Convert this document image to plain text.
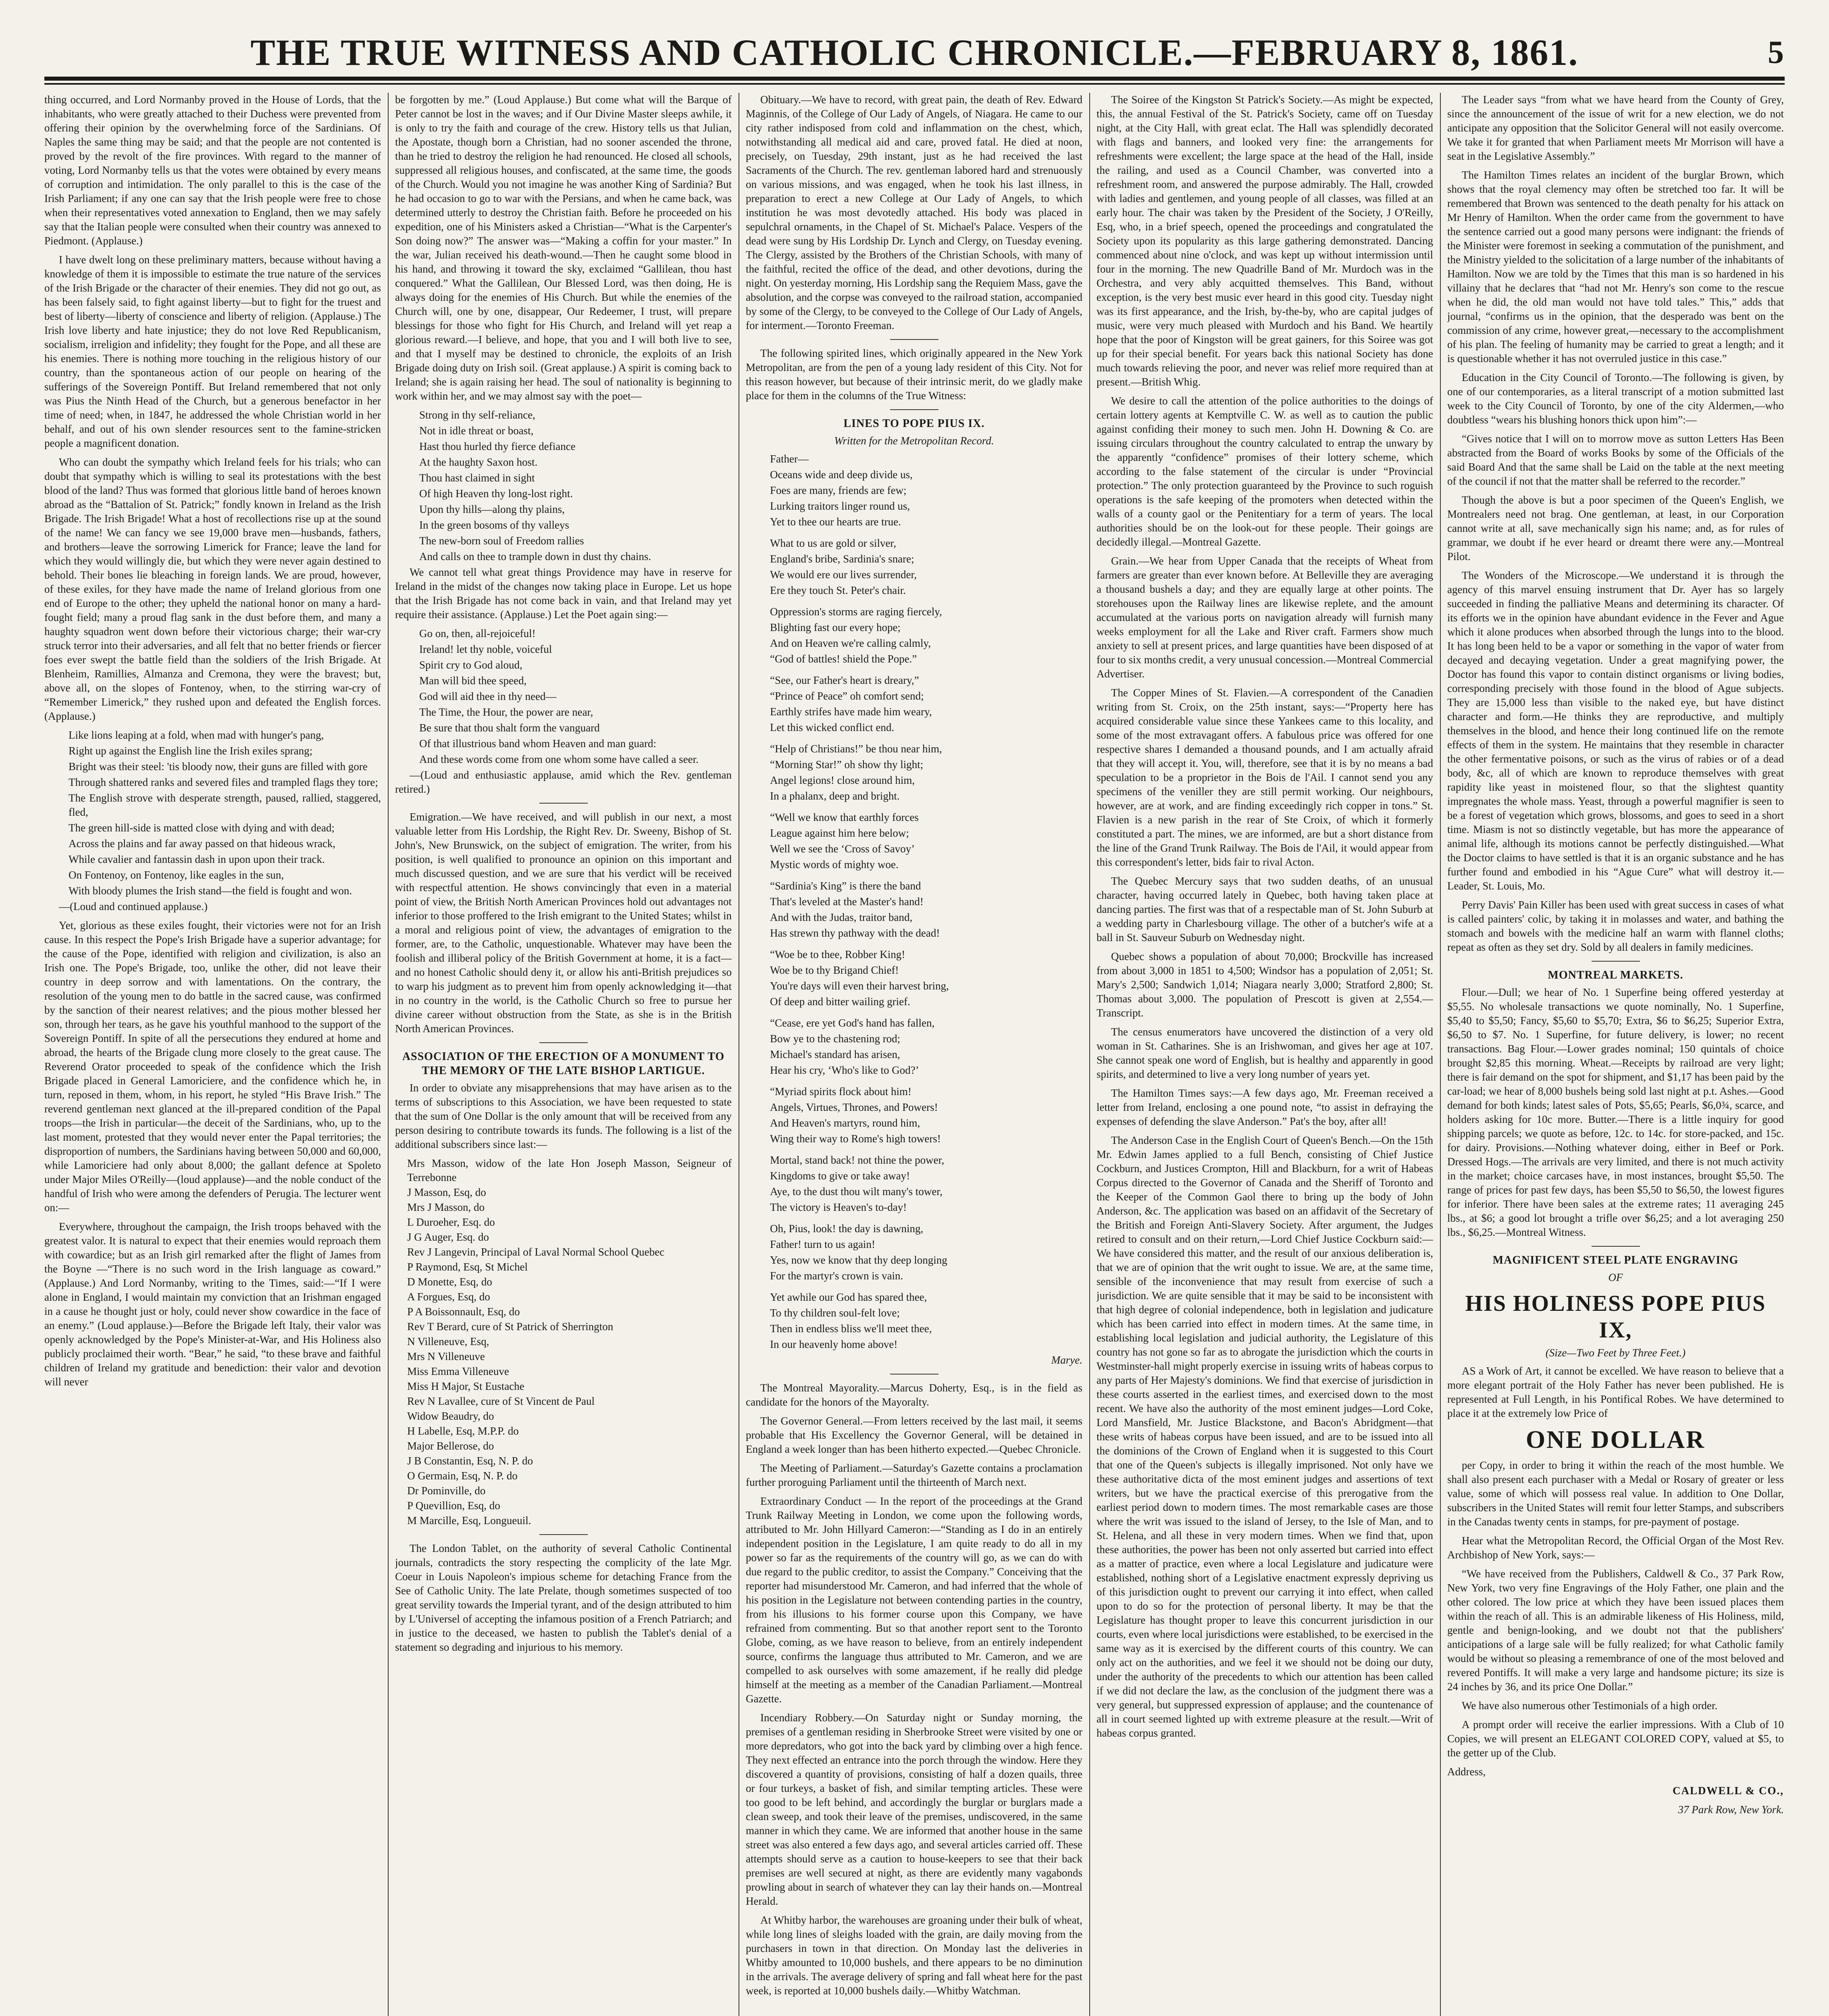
THE TRUE WITNESS AND CATHOLIC CHRONICLE.—FEBRUARY 8, 1861.	5

thing occurred, and Lord Normanby proved in the House of Lords, that the inhabitants, who were greatly attached to their Duchess were prevented from offering their opinion by the overwhelming force of the Sardinians. Of Naples the same thing may be said; and that the people are not contented is proved by the revolt of the fire provinces. With regard to the manner of voting, Lord Normanby tells us that the votes were obtained by every means of corruption and intimidation. The only parallel to this is the case of the Irish Parliament; if any one can say that the Irish people were free to chose when their representatives voted annexation to England, then we may safely say that the Italian people were consulted when their country was annexed to Piedmont. (Applause.)

I have dwelt long on these preliminary matters, because without having a knowledge of them it is impossible to estimate the true nature of the services of the Irish Brigade or the character of their enemies. They did not go out, as has been falsely said, to fight against liberty—but to fight for the truest and best of liberty—liberty of conscience and liberty of religion. (Applause.) The Irish love liberty and hate injustice; they do not love Red Republicanism, socialism, irreligion and infidelity; they fought for the Pope, and all these are his enemies. There is nothing more touching in the religious history of our country, than the spontaneous action of our people on hearing of the sufferings of the Sovereign Pontiff. But Ireland remembered that not only was Pius the Ninth Head of the Church, but a generous benefactor in her time of need; when, in 1847, he addressed the whole Christian world in her behalf, and out of his own slender resources sent to the famine-stricken people a magnificent donation.

Who can doubt the sympathy which Ireland feels for his trials; who can doubt that sympathy which is willing to seal its protestations with the best blood of the land? Thus was formed that glorious little band of heroes known abroad as the “Battalion of St. Patrick;” fondly known in Ireland as the Irish Brigade. The Irish Brigade! What a host of recollections rise up at the sound of the name! We can fancy we see 19,000 brave men—husbands, fathers, and brothers—leave the sorrowing Limerick for France; leave the land for which they would willingly die, but which they were never again destined to behold. Their bones lie bleaching in foreign lands. We are proud, however, of these exiles, for they have made the name of Ireland glorious from one end of Europe to the other; they upheld the national honor on many a hard-fought field; many a proud flag sank in the dust before them, and many a haughty squadron went down before their victorious charge; their war-cry struck terror into their adversaries, and all felt that no better friends or fiercer foes ever swept the battle field than the soldiers of the Irish Brigade. At Blenheim, Ramillies, Almanza and Cremona, they were the bravest; but, above all, on the slopes of Fontenoy, when, to the stirring war-cry of “Remember Limerick,” they rushed upon and defeated the English forces. (Applause.)

Like lions leaping at a fold, when mad with hunger's pang,

Right up against the English line the Irish exiles sprang;

Bright was their steel: 'tis bloody now, their guns are filled with gore

Through shattered ranks and severed files and trampled flags they tore;

The English strove with desperate strength, paused, rallied, staggered, fled,

The green hill-side is matted close with dying and with dead;

Across the plains and far away passed on that hideous wrack,

While cavalier and fantassin dash in upon upon their track.

On Fontenoy, on Fontenoy, like eagles in the sun,

With bloody plumes the Irish stand—the field is fought and won.

—(Loud and continued applause.)

Yet, glorious as these exiles fought, their victories were not for an Irish cause. In this respect the Pope's Irish Brigade have a superior advantage; for the cause of the Pope, identified with religion and civilization, is also an Irish one. The Pope's Brigade, too, unlike the other, did not leave their country in deep sorrow and with lamentations. On the contrary, the resolution of the young men to do battle in the sacred cause, was confirmed by the sanction of their nearest relatives; and the pious mother blessed her son, through her tears, as he gave his youthful manhood to the support of the Sovereign Pontiff. In spite of all the persecutions they endured at home and abroad, the hearts of the Brigade clung more closely to the great cause. The Reverend Orator proceeded to speak of the confidence which the Irish Brigade placed in General Lamoriciere, and the confidence which he, in turn, reposed in them, whom, in his report, he styled “His Brave Irish.” The reverend gentleman next glanced at the ill-prepared condition of the Papal troops—the Irish in particular—the deceit of the Sardinians, who, up to the last moment, protested that they would never enter the Papal territories; the disproportion of numbers, the Sardinians having between 50,000 and 60,000, while Lamoriciere had only about 8,000; the gallant defence at Spoleto under Major Miles O'Reilly—(loud applause)—and the noble conduct of the handful of Irish who were among the defenders of Perugia. The lecturer went on:—

Everywhere, throughout the campaign, the Irish troops behaved with the greatest valor. It is natural to expect that their enemies would reproach them with cowardice; but as an Irish girl remarked after the flight of James from the Boyne —“There is no such word in the Irish language as coward.” (Applause.) And Lord Normanby, writing to the Times, said:—“If I were alone in England, I would maintain my conviction that an Irishman engaged in a cause he thought just or holy, could never show cowardice in the face of an enemy.” (Loud applause.)—Before the Brigade left Italy, their valor was openly acknowledged by the Pope's Minister-at-War, and His Holiness also publicly proclaimed their worth. “Bear,” he said, “to these brave and faithful children of Ireland my gratitude and benediction: their valor and devotion will never

be forgotten by me.” (Loud Applause.) But come what will the Barque of Peter cannot be lost in the waves; and if Our Divine Master sleeps awhile, it is only to try the faith and courage of the crew. History tells us that Julian, the Apostate, though born a Christian, had no sooner ascended the throne, than he tried to destroy the religion he had renounced. He closed all schools, suppressed all religious houses, and confiscated, at the same time, the goods of the Church. Would you not imagine he was another King of Sardinia? But he had occasion to go to war with the Persians, and when he came back, was determined utterly to destroy the Christian faith. Before he proceeded on his expedition, one of his Ministers asked a Christian—“What is the Carpenter's Son doing now?” The answer was—“Making a coffin for your master.” In the war, Julian received his death-wound.—Then he caught some blood in his hand, and throwing it toward the sky, exclaimed “Gallilean, thou hast conquered.” What the Gallilean, Our Blessed Lord, was then doing, He is always doing for the enemies of His Church. But while the enemies of the Church will, one by one, disappear, Our Redeemer, I trust, will prepare blessings for those who fight for His Church, and Ireland will yet reap a glorious reward.—I believe, and hope, that you and I will both live to see, and that I myself may be destined to chronicle, the exploits of an Irish Brigade doing duty on Irish soil. (Great applause.) A spirit is coming back to Ireland; she is again raising her head. The soul of nationality is beginning to work within her, and we may almost say with the poet—

Strong in thy self-reliance,

Not in idle threat or boast,

Hast thou hurled thy fierce defiance

At the haughty Saxon host.

Thou hast claimed in sight

Of high Heaven thy long-lost right.

Upon thy hills—along thy plains,

In the green bosoms of thy valleys

The new-born soul of Freedom rallies

And calls on thee to trample down in dust thy chains.

We cannot tell what great things Providence may have in reserve for Ireland in the midst of the changes now taking place in Europe. Let us hope that the Irish Brigade has not come back in vain, and that Ireland may yet require their assistance. (Applause.) Let the Poet again sing:—

Go on, then, all-rejoiceful!

Ireland! let thy noble, voiceful

Spirit cry to God aloud,

Man will bid thee speed,

God will aid thee in thy need—

The Time, the Hour, the power are near,

Be sure that thou shalt form the vanguard

Of that illustrious band whom Heaven and man guard:

And these words come from one whom some have called a seer.

—(Loud and enthusiastic applause, amid which the Rev. gentleman retired.)

Emigration.—We have received, and will publish in our next, a most valuable letter from His Lordship, the Right Rev. Dr. Sweeny, Bishop of St. John's, New Brunswick, on the subject of emigration. The writer, from his position, is well qualified to pronounce an opinion on this important and much discussed question, and we are sure that his verdict will be received with respectful attention. He shows convincingly that even in a material point of view, the British North American Provinces hold out advantages not inferior to those proffered to the Irish emigrant to the United States; whilst in a moral and religious point of view, the advantages of emigration to the former, are, to the Catholic, unquestionable. Whatever may have been the foolish and illiberal policy of the British Government at home, it is a fact—and no honest Catholic should deny it, or allow his anti-British prejudices so to warp his judgment as to prevent him from openly acknowledging it—that in no country in the world, is the Catholic Church so free to pursue her divine career without obstruction from the State, as she is in the British North American Provinces.

ASSOCIATION OF THE ERECTION OF A MONUMENT TO THE MEMORY OF THE LATE BISHOP LARTIGUE.

In order to obviate any misapprehensions that may have arisen as to the terms of subscriptions to this Association, we have been requested to state that the sum of One Dollar is the only amount that will be received from any person desiring to contribute towards its funds. The following is a list of the additional subscribers since last:—

Mrs Masson, widow of the late Hon Joseph Masson, Seigneur of Terrebonne

J Masson, Esq, do

Mrs J Masson, do

L Duroeher, Esq. do

J G Auger, Esq. do

Rev J Langevin, Principal of Laval Normal School Quebec

P Raymond, Esq, St Michel

D Monette, Esq, do

A Forgues, Esq, do

P A Boissonnault, Esq, do

Rev T Berard, cure of St Patrick of Sherrington

N Villeneuve, Esq,

Mrs N Villeneuve

Miss Emma Villeneuve

Miss H Major, St Eustache

Rev N Lavallee, cure of St Vincent de Paul

Widow Beaudry, do

H Labelle, Esq, M.P.P. do

Major Bellerose, do

J B Constantin, Esq, N. P. do

O Germain, Esq, N. P. do

Dr Pominville, do

P Quevillion, Esq, do

M Marcille, Esq, Longueuil.

The London Tablet, on the authority of several Catholic Continental journals, contradicts the story respecting the complicity of the late Mgr. Coeur in Louis Napoleon's impious scheme for detaching France from the See of Catholic Unity. The late Prelate, though sometimes suspected of too great servility towards the Imperial tyrant, and of the design attributed to him by L'Universel of accepting the infamous position of a French Patriarch; and in justice to the deceased, we hasten to publish the Tablet's denial of a statement so degrading and injurious to his memory.

Obituary.—We have to record, with great pain, the death of Rev. Edward Maginnis, of the College of Our Lady of Angels, of Niagara. He came to our city rather indisposed from cold and inflammation on the chest, which, notwithstanding all medical aid and care, proved fatal. He died at noon, precisely, on Tuesday, 29th instant, just as he had received the last Sacraments of the Church. The rev. gentleman labored hard and strenuously on various missions, and was engaged, when he took his last illness, in preparation to erect a new College at Our Lady of Angels, to which institution he was most devotedly attached. His body was placed in sepulchral ornaments, in the Chapel of St. Michael's Palace. Vespers of the dead were sung by His Lordship Dr. Lynch and Clergy, on Tuesday evening. The Clergy, assisted by the Brothers of the Christian Schools, with many of the faithful, recited the office of the dead, and other devotions, during the night. On yesterday morning, His Lordship sang the Requiem Mass, gave the absolution, and the corpse was conveyed to the railroad station, accompanied by some of the Clergy, to be conveyed to the College of Our Lady of Angels, for interment.—Toronto Freeman.

The following spirited lines, which originally appeared in the New York Metropolitan, are from the pen of a young lady resident of this City. Not for this reason however, but because of their intrinsic merit, do we gladly make place for them in the columns of the True Witness:

LINES TO POPE PIUS IX.
Written for the Metropolitan Record.

Father—

Oceans wide and deep divide us,

Foes are many, friends are few;

Lurking traitors linger round us,

Yet to thee our hearts are true.

What to us are gold or silver,

England's bribe, Sardinia's snare;

We would ere our lives surrender,

Ere they touch St. Peter's chair.

Oppression's storms are raging fiercely,

Blighting fast our every hope;

And on Heaven we're calling calmly,

“God of battles! shield the Pope.”

“See, our Father's heart is dreary,”

“Prince of Peace” oh comfort send;

Earthly strifes have made him weary,

Let this wicked conflict end.

“Help of Christians!” be thou near him,

“Morning Star!” oh show thy light;

Angel legions! close around him,

In a phalanx, deep and bright.

“Well we know that earthly forces

League against him here below;

Well we see the ‘Cross of Savoy’

Mystic words of mighty woe.

“Sardinia's King” is there the band

That's leveled at the Master's hand!

And with the Judas, traitor band,

Has strewn thy pathway with the dead!

“Woe be to thee, Robber King!

Woe be to thy Brigand Chief!

You're days will even their harvest bring,

Of deep and bitter wailing grief.

“Cease, ere yet God's hand has fallen,

Bow ye to the chastening rod;

Michael's standard has arisen,

Hear his cry, ‘Who's like to God?’

“Myriad spirits flock about him!

Angels, Virtues, Thrones, and Powers!

And Heaven's martyrs, round him,

Wing their way to Rome's high towers!

Mortal, stand back! not thine the power,

Kingdoms to give or take away!

Aye, to the dust thou wilt many's tower,

The victory is Heaven's to-day!

Oh, Pius, look! the day is dawning,

Father! turn to us again!

Yes, now we know that thy deep longing

For the martyr's crown is vain.

Yet awhile our God has spared thee,

To thy children soul-felt love;

Then in endless bliss we'll meet thee,

In our heavenly home above!

Marye.

The Montreal Mayorality.—Marcus Doherty, Esq., is in the field as candidate for the honors of the Mayoralty.

The Governor General.—From letters received by the last mail, it seems probable that His Excellency the Governor General, will be detained in England a week longer than has been hitherto expected.—Quebec Chronicle.

The Meeting of Parliament.—Saturday's Gazette contains a proclamation further proroguing Parliament until the thirteenth of March next.

Extraordinary Conduct — In the report of the proceedings at the Grand Trunk Railway Meeting in London, we come upon the following words, attributed to Mr. John Hillyard Cameron:—“Standing as I do in an entirely independent position in the Legislature, I am quite ready to do all in my power so far as the requirements of the country will go, as we can do with due regard to the public creditor, to assist the Company.” Conceiving that the reporter had misunderstood Mr. Cameron, and had inferred that the whole of his position in the Legislature not between contending parties in the country, from his illusions to his former course upon this Company, we have refrained from commenting. But so that another report sent to the Toronto Globe, coming, as we have reason to believe, from an entirely independent source, confirms the language thus attributed to Mr. Cameron, and we are compelled to ask ourselves with some amazement, if he really did pledge himself at the meeting as a member of the Canadian Parliament.—Montreal Gazette.

Incendiary Robbery.—On Saturday night or Sunday morning, the premises of a gentleman residing in Sherbrooke Street were visited by one or more depredators, who got into the back yard by climbing over a high fence. They next effected an entrance into the porch through the window. Here they discovered a quantity of provisions, consisting of half a dozen quails, three or four turkeys, a basket of fish, and similar tempting articles. These were too good to be left behind, and accordingly the burglar or burglars made a clean sweep, and took their leave of the premises, undiscovered, in the same manner in which they came. We are informed that another house in the same street was also entered a few days ago, and several articles carried off. These attempts should serve as a caution to house-keepers to see that their back premises are well secured at night, as there are evidently many vagabonds prowling about in search of whatever they can lay their hands on.—Montreal Herald.

At Whitby harbor, the warehouses are groaning under their bulk of wheat, while long lines of sleighs loaded with the grain, are daily moving from the purchasers in town in that direction. On Monday last the deliveries in Whitby amounted to 10,000 bushels, and there appears to be no diminution in the arrivals. The average delivery of spring and fall wheat here for the past week, is reported at 10,000 bushels daily.—Whitby Watchman.

The Soiree of the Kingston St Patrick's Society.—As might be expected, this, the annual Festival of the St. Patrick's Society, came off on Tuesday night, at the City Hall, with great eclat. The Hall was splendidly decorated with flags and banners, and looked very fine: the arrangements for refreshments were excellent; the large space at the head of the Hall, inside the railing, and used as a Council Chamber, was converted into a refreshment room, and answered the purpose admirably. The Hall, crowded with ladies and gentlemen, and young people of all classes, was filled at an early hour. The chair was taken by the President of the Society, J O'Reilly, Esq, who, in a brief speech, opened the proceedings and congratulated the Society upon its popularity as this large gathering demonstrated. Dancing commenced about nine o'clock, and was kept up without intermission until four in the morning. The new Quadrille Band of Mr. Murdoch was in the Orchestra, and very ably acquitted themselves. This Band, without exception, is the very best music ever heard in this good city. Tuesday night was its first appearance, and the Irish, by-the-by, who are capital judges of music, were very much pleased with Murdoch and his Band. We heartily hope that the poor of Kingston will be great gainers, for this Soiree was got up for their special benefit. For years back this national Society has done much towards relieving the poor, and never was relief more required than at present.—British Whig.

We desire to call the attention of the police authorities to the doings of certain lottery agents at Kemptville C. W. as well as to caution the public against confiding their money to such men. John H. Downing & Co. are issuing circulars throughout the country calculated to entrap the unwary by the apparently “confidence” promises of their lottery scheme, which according to the false statement of the circular is under “Provincial protection.” The only protection guaranteed by the Province to such roguish operations is the safe keeping of the promoters when detected within the walls of a county gaol or the Penitentiary for a term of years. The local authorities should be on the look-out for these people. Their goings are decidedly illegal.—Montreal Gazette.

Grain.—We hear from Upper Canada that the receipts of Wheat from farmers are greater than ever known before. At Belleville they are averaging a thousand bushels a day; and they are equally large at other points. The storehouses upon the Railway lines are likewise replete, and the amount accumulated at the various ports on navigation already will furnish many weeks employment for all the Lake and River craft. Farmers show much anxiety to sell at present prices, and large quantities have been disposed of at four to six months credit, a very unusual concession.—Montreal Commercial Advertiser.

The Copper Mines of St. Flavien.—A correspondent of the Canadien writing from St. Croix, on the 25th instant, says:—“Property here has acquired considerable value since these Yankees came to this locality, and some of the most extravagant offers. A fabulous price was offered for one respective shares I demanded a thousand pounds, and I am actually afraid that they will accept it. You, will, therefore, see that it is by no means a bad speculation to be a proprietor in the Bois de l'Ail. I cannot send you any specimens of the veniller they are still permit working. Our neighbours, however, are at work, and are finding exceedingly rich copper in tons.” St. Flavien is a new parish in the rear of Ste Croix, of which it formerly constituted a part. The mines, we are informed, are but a short distance from the line of the Grand Trunk Railway. The Bois de l'Ail, it would appear from this correspondent's letter, bids fair to rival Acton.

The Quebec Mercury says that two sudden deaths, of an unusual character, having occurred lately in Quebec, both having taken place at dancing parties. The first was that of a respectable man of St. John Suburb at a wedding party in Charlesbourg village. The other of a butcher's wife at a ball in St. Sauveur Suburb on Wednesday night.

Quebec shows a population of about 70,000; Brockville has increased from about 3,000 in 1851 to 4,500; Windsor has a population of 2,051; St. Mary's 2,500; Sandwich 1,014; Niagara nearly 3,000; Stratford 2,800; St. Thomas about 3,000. The population of Prescott is given at 2,554.—Transcript.

The census enumerators have uncovered the distinction of a very old woman in St. Catharines. She is an Irishwoman, and gives her age at 107. She cannot speak one word of English, but is healthy and apparently in good spirits, and determined to live a very long number of years yet.

The Hamilton Times says:—A few days ago, Mr. Freeman received a letter from Ireland, enclosing a one pound note, “to assist in defraying the expenses of defending the slave Anderson.” Pat's the boy, after all!

The Anderson Case in the English Court of Queen's Bench.—On the 15th Mr. Edwin James applied to a full Bench, consisting of Chief Justice Cockburn, and Justices Crompton, Hill and Blackburn, for a writ of Habeas Corpus directed to the Governor of Canada and the Sheriff of Toronto and the Keeper of the Common Gaol there to bring up the body of John Anderson, &c. The application was based on an affidavit of the Secretary of the British and Foreign Anti-Slavery Society. After argument, the Judges retired to consult and on their return,—Lord Chief Justice Cockburn said:—We have considered this matter, and the result of our anxious deliberation is, that we are of opinion that the writ ought to issue. We are, at the same time, sensible of the inconvenience that may result from exercise of such a jurisdiction. We are quite sensible that it may be said to be inconsistent with that high degree of colonial independence, both in legislation and judicature which has been carried into effect in modern times. At the same time, in establishing local legislation and judicial authority, the Legislature of this country has not gone so far as to abrogate the jurisdiction which the courts in Westminster-hall might properly exercise in issuing writs of habeas corpus to any parts of Her Majesty's dominions. We find that exercise of jurisdiction in these courts asserted in the earliest times, and exercised down to the most recent. We have also the authority of the most eminent judges—Lord Coke, Lord Mansfield, Mr. Justice Blackstone, and Bacon's Abridgment—that these writs of habeas corpus have been issued, and are to be issued into all the dominions of the Crown of England when it is suggested to this Court that one of the Queen's subjects is illegally imprisoned. Not only have we these authoritative dicta of the most eminent judges and assertions of text writers, but we have the practical exercise of this prerogative from the earliest period down to modern times. The most remarkable cases are those where the writ was issued to the island of Jersey, to the Isle of Man, and to St. Helena, and all these in very modern times. When we find that, upon these authorities, the power has been not only asserted but carried into effect as a matter of practice, even where a local Legislature and judicature were established, nothing short of a Legislative enactment expressly depriving us of this jurisdiction ought to prevent our carrying it into effect, when called upon to do so for the protection of personal liberty. It may be that the Legislature has thought proper to leave this concurrent jurisdiction in our courts, even where local jurisdictions were established, to be exercised in the same way as it is exercised by the different courts of this country. We can only act on the authorities, and we feel it we should not be doing our duty, under the authority of the precedents to which our attention has been called if we did not declare the law, as the conclusion of the judgment there was a very general, but suppressed expression of applause; and the countenance of all in court seemed lighted up with extreme pleasure at the result.—Writ of habeas corpus granted.

The Leader says “from what we have heard from the County of Grey, since the announcement of the issue of writ for a new election, we do not anticipate any opposition that the Solicitor General will not easily overcome. We take it for granted that when Parliament meets Mr Morrison will have a seat in the Legislative Assembly.”

The Hamilton Times relates an incident of the burglar Brown, which shows that the royal clemency may often be stretched too far. It will be remembered that Brown was sentenced to the death penalty for his attack on Mr Henry of Hamilton. When the order came from the government to have the sentence carried out a good many persons were indignant: the friends of the Minister were foremost in seeking a commutation of the punishment, and the Ministry yielded to the solicitation of a large number of the inhabitants of Hamilton. Now we are told by the Times that this man is so hardened in his villainy that he declares that “had not Mr. Henry's son come to the rescue when he did, the old man would not have told tales.” This,” adds that journal, “confirms us in the opinion, that the desperado was bent on the commission of any crime, however great,—necessary to the accomplishment of his plan. The feeling of humanity may be carried to great a length; and it is questionable whether it has not overruled justice in this case.”

Education in the City Council of Toronto.—The following is given, by one of our contemporaries, as a literal transcript of a motion submitted last week to the City Council of Toronto, by one of the city Aldermen,—who doubtless “wears his blushing honors thick upon him”:—

“Gives notice that I will on to morrow move as sutton Letters Has Been abstracted from the Board of works Books by some of the Officials of the said Board And that the same shall be Laid on the table at the next meeting of the council if not that the matter shall be referred to the recorder.”

Though the above is but a poor specimen of the Queen's English, we Montrealers need not brag. One gentleman, at least, in our Corporation cannot write at all, save mechanically sign his name; and, as for rules of grammar, we doubt if he ever heard or dreamt there were any.—Montreal Pilot.

The Wonders of the Microscope.—We understand it is through the agency of this marvel ensuing instrument that Dr. Ayer has so largely succeeded in finding the palliative Means and determining its character. Of its efforts we in the opinion have abundant evidence in the Fever and Ague which it alone produces when absorbed through the lungs into to the blood. It has long been held to be a vapor or something in the vapor of water from decayed and decaying vegetation. Under a great magnifying power, the Doctor has found this vapor to contain distinct organisms or living bodies, corresponding precisely with those found in the blood of Ague subjects. They are 15,000 less than visible to the naked eye, but have distinct character and form.—He thinks they are reproductive, and multiply themselves in the blood, and hence their long continued life on the remote effects of them in the system. He maintains that they resemble in character the other fermentative poisons, or such as the virus of rabies or of a dead body, &c, all of which are known to reproduce themselves with great rapidity like yeast in moistened flour, so that the slightest quantity impregnates the whole mass. Yeast, through a powerful magnifier is seen to be a forest of vegetation which grows, blossoms, and goes to seed in a short time. Miasm is not so distinctly vegetable, but has more the appearance of animal life, although its motions cannot be perfectly distinguished.—What the Doctor claims to have settled is that it is an organic substance and he has further found and embodied in his “Ague Cure” what will destroy it.—Leader, St. Louis, Mo.

Perry Davis' Pain Killer has been used with great success in cases of what is called painters' colic, by taking it in molasses and water, and bathing the stomach and bowels with the medicine half an warm with flannel cloths; repeat as often as they set dry. Sold by all dealers in family medicines.

MONTREAL MARKETS.

Flour.—Dull; we hear of No. 1 Superfine being offered yesterday at $5,55. No wholesale transactions we quote nominally, No. 1 Superfine, $5,40 to $5,50; Fancy, $5,60 to $5,70; Extra, $6 to $6,25; Superior Extra, $6,50 to $7. No. 1 Superfine, for future delivery, is lower; no recent transactions. Bag Flour.—Lower grades nominal; 150 quintals of choice brought $2,85 this morning. Wheat.—Receipts by railroad are very light; there is fair demand on the spot for shipment, and $1,17 has been paid by the car-load; we hear of 8,000 bushels being sold last night at p.t. Ashes.—Good demand for both kinds; latest sales of Pots, $5,65; Pearls, $6,0¾, scarce, and holders asking for 10c more. Butter.—There is a little inquiry for good shipping parcels; we quote as before, 12c. to 14c. for store-packed, and 15c. for dairy. Provisions.—Nothing whatever doing, either in Beef or Pork. Dressed Hogs.—The arrivals are very limited, and there is not much activity in the market; choice carcases have, in most instances, brought $5,50. The range of prices for past few days, has been $5,50 to $6,50, the lowest figures for inferior. There have been sales at the extreme rates; 11 averaging 245 lbs., at $6; a good lot brought a trifle over $6,25; and a lot averaging 250 lbs., $6,25.—Montreal Witness.

MAGNIFICENT STEEL PLATE ENGRAVING
OF
HIS HOLINESS POPE PIUS IX,
(Size—Two Feet by Three Feet.)

AS a Work of Art, it cannot be excelled. We have reason to believe that a more elegant portrait of the Holy Father has never been published. He is represented at Full Length, in his Pontifical Robes. We have determined to place it at the extremely low Price of

ONE DOLLAR

per Copy, in order to bring it within the reach of the most humble. We shall also present each purchaser with a Medal or Rosary of greater or less value, some of which will possess real value. In addition to One Dollar, subscribers in the United States will remit four letter Stamps, and subscribers in the Canadas twenty cents in stamps, for pre-payment of postage.

Hear what the Metropolitan Record, the Official Organ of the Most Rev. Archbishop of New York, says:—

“We have received from the Publishers, Caldwell & Co., 37 Park Row, New York, two very fine Engravings of the Holy Father, one plain and the other colored. The low price at which they have been issued places them within the reach of all. This is an admirable likeness of His Holiness, mild, gentle and benign-looking, and we doubt not that the publishers' anticipations of a large sale will be fully realized; for what Catholic family would be without so pleasing a remembrance of one of the most beloved and revered Pontiffs. It will make a very large and handsome picture; its size is 24 inches by 36, and its price One Dollar.”

We have also numerous other Testimonials of a high order.

A prompt order will receive the earlier impressions. With a Club of 10 Copies, we will present an ELEGANT COLORED COPY, valued at $5, to the getter up of the Club.

Address,

CALDWELL & CO.,

37 Park Row, New York.
